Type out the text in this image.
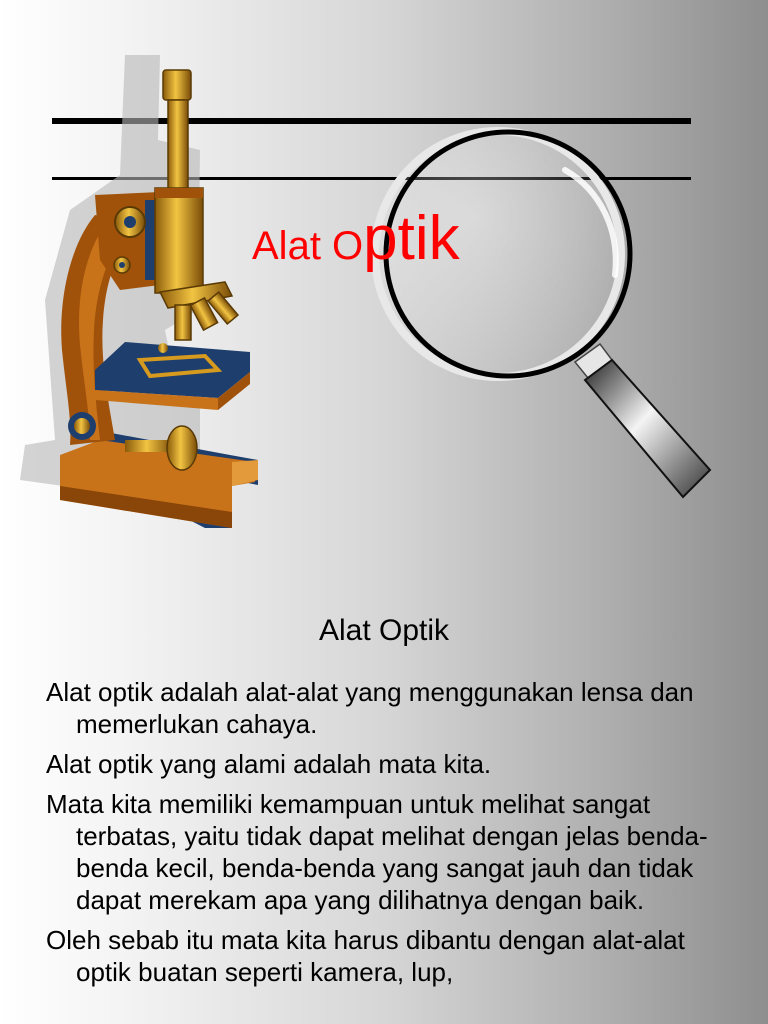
Alat Optik
Alat Optik
Alat optik adalah alat-alat yang menggunakan lensa dan memerlukan cahaya.
Alat optik yang alami adalah mata kita.
Mata kita memiliki kemampuan untuk melihat sangat terbatas, yaitu tidak dapat melihat dengan jelas benda-benda kecil, benda-benda yang sangat jauh dan tidak dapat merekam apa yang dilihatnya dengan baik.
Oleh sebab itu mata kita harus dibantu dengan alat-alat optik buatan seperti kamera, lup,
